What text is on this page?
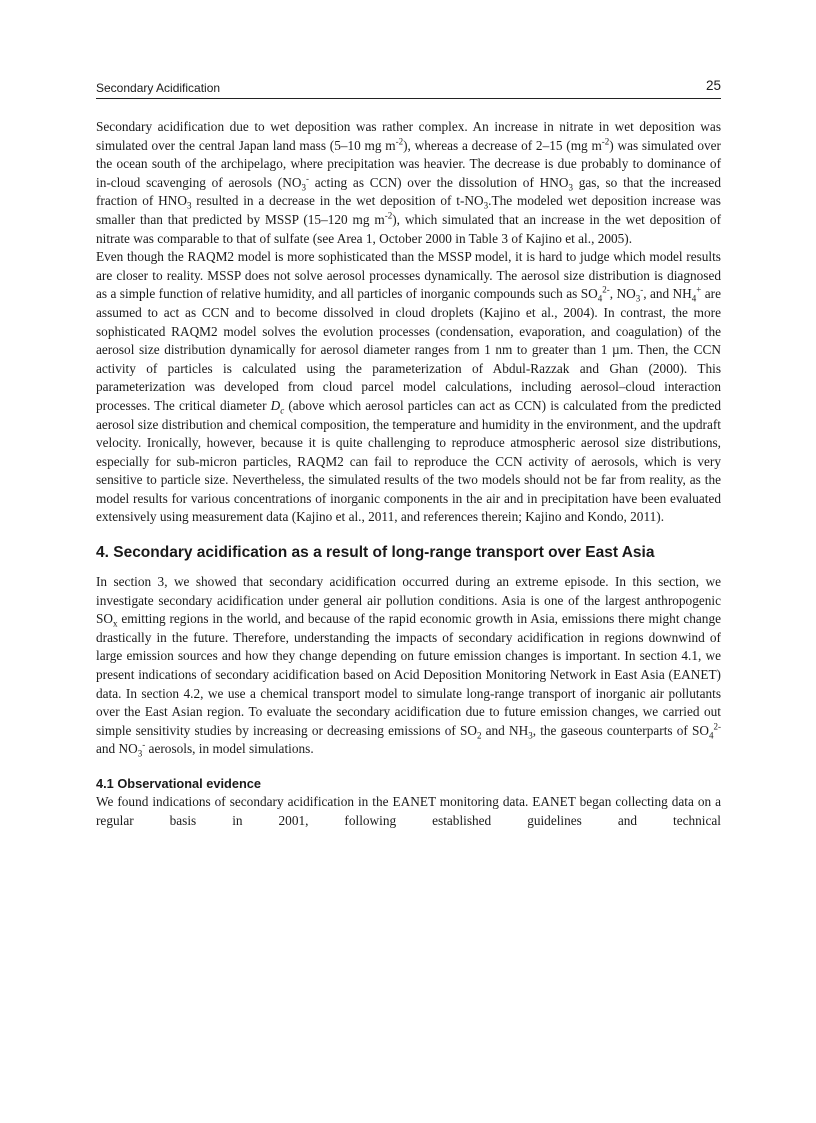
Secondary Acidification	25

Secondary acidification due to wet deposition was rather complex. An increase in nitrate in wet deposition was simulated over the central Japan land mass (5–10 mg $m^{-2}$), whereas a decrease of 2–15 (mg $m^{-2}$) was simulated over the ocean south of the archipelago, where precipitation was heavier. The decrease is due probably to dominance of in-cloud scavenging of aerosols ($NO_3^-$ acting as CCN) over the dissolution of $HNO_3$ gas, so that the increased fraction of $HNO_3$ resulted in a decrease in the wet deposition of $t-NO_3.The$ modeled wet deposition increase was smaller than that predicted by MSSP (15–120 mg $m^{-2}$), which simulated that an increase in the wet deposition of nitrate was comparable to that of sulfate (see Area 1, October 2000 in Table 3 of Kajino et al., 2005).

Even though the RAQM2 model is more sophisticated than the MSSP model, it is hard to judge which model results are closer to reality. MSSP does not solve aerosol processes dynamically. The aerosol size distribution is diagnosed as a simple function of relative humidity, and all particles of inorganic compounds such as $SO_4^{2-}$, $NO_3^-$, and $NH_4^+$ are assumed to act as CCN and to become dissolved in cloud droplets (Kajino et al., 2004). In contrast, the more sophisticated RAQM2 model solves the evolution processes (condensation, evaporation, and coagulation) of the aerosol size distribution dynamically for aerosol diameter ranges from 1 nm to greater than 1 µm. Then, the CCN activity of particles is calculated using the parameterization of Abdul-Razzak and Ghan (2000). This parameterization was developed from cloud parcel model calculations, including aerosol–cloud interaction processes. The critical diameter $D_c$ (above which aerosol particles can act as CCN) is calculated from the predicted aerosol size distribution and chemical composition, the temperature and humidity in the environment, and the updraft velocity. Ironically, however, because it is quite challenging to reproduce atmospheric aerosol size distributions, especially for sub-micron particles, RAQM2 can fail to reproduce the CCN activity of aerosols, which is very sensitive to particle size. Nevertheless, the simulated results of the two models should not be far from reality, as the model results for various concentrations of inorganic components in the air and in precipitation have been evaluated extensively using measurement data (Kajino et al., 2011, and references therein; Kajino and Kondo, 2011).

4. Secondary acidification as a result of long-range transport over East Asia

In section 3, we showed that secondary acidification occurred during an extreme episode. In this section, we investigate secondary acidification under general air pollution conditions. Asia is one of the largest anthropogenic $SO_x$ emitting regions in the world, and because of the rapid economic growth in Asia, emissions there might change drastically in the future. Therefore, understanding the impacts of secondary acidification in regions downwind of large emission sources and how they change depending on future emission changes is important. In section 4.1, we present indications of secondary acidification based on Acid Deposition Monitoring Network in East Asia (EANET) data. In section 4.2, we use a chemical transport model to simulate long-range transport of inorganic air pollutants over the East Asian region. To evaluate the secondary acidification due to future emission changes, we carried out simple sensitivity studies by increasing or decreasing emissions of $SO_2$ and $NH_3$, the gaseous counterparts of $SO_4^{2-}$ and $NO_3^-$ aerosols, in model simulations.

4.1 Observational evidence

We found indications of secondary acidification in the EANET monitoring data. EANET began collecting data on a regular basis in 2001, following established guidelines and technical
